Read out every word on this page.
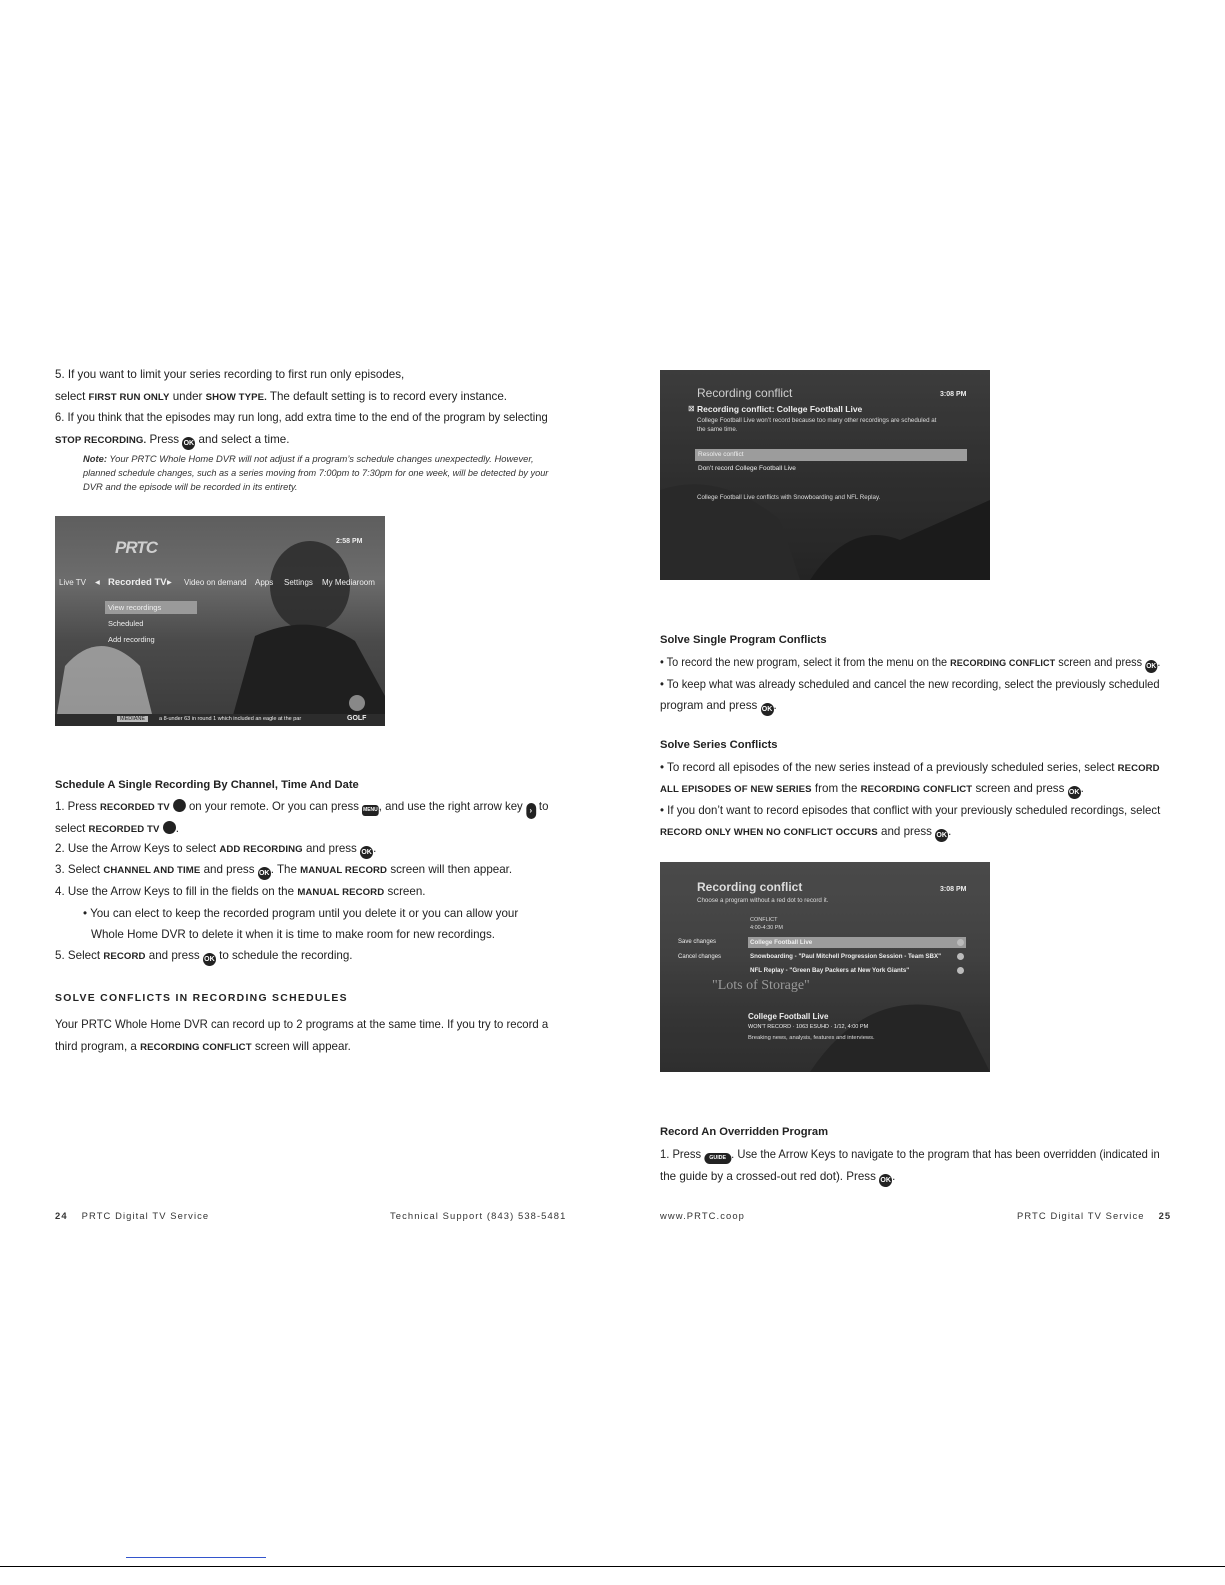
5. If you want to limit your series recording to first run only episodes,
select FIRST RUN ONLY under SHOW TYPE. The default setting is to record every instance.
6. If you think that the episodes may run long, add extra time to the end of the program by selecting
STOP RECORDING. Press OK and select a time.
Note: Your PRTC Whole Home DVR will not adjust if a program’s schedule changes unexpectedly. However,
planned schedule changes, such as a series moving from 7:00pm to 7:30pm for one week, will be detected by your
DVR and the episode will be recorded in its entirety.
PRTC	2:58 PM
Live TV ◂ Recorded TV ▸ Video on demand Apps Settings My Mediaroom
View recordings
Scheduled
Add recording
MEDIANE	a 8-under 63 in round 1 which included an eagle at the par	GOLF
Schedule A Single Recording By Channel, Time And Date
1. Press RECORDED TV  on your remote. Or you can press MENU, and use the right arrow key › to
select RECORDED TV .
2. Use the Arrow Keys to select ADD RECORDING and press OK.
3. Select CHANNEL AND TIME and press OK. The MANUAL RECORD screen will then appear.
4. Use the Arrow Keys to fill in the fields on the MANUAL RECORD screen.
• You can elect to keep the recorded program until you delete it or you can allow your
Whole Home DVR to delete it when it is time to make room for new recordings.
5. Select RECORD and press OK to schedule the recording.
SOLVE CONFLICTS IN RECORDING SCHEDULES
Your PRTC Whole Home DVR can record up to 2 programs at the same time. If you try to record a
third program, a RECORDING CONFLICT screen will appear.
24 PRTC Digital TV Service	Technical Support (843) 538-5481
Recording conflict	3:08 PM
⊠ Recording conflict: College Football Live
College Football Live won’t record because too many other recordings are scheduled at
the same time.
Resolve conflict
Don’t record College Football Live
College Football Live conflicts with Snowboarding and NFL Replay.
Solve Single Program Conflicts
• To record the new program, select it from the menu on the RECORDING CONFLICT screen and press OK.
• To keep what was already scheduled and cancel the new recording, select the previously scheduled
program and press OK.
Solve Series Conflicts
• To record all episodes of the new series instead of a previously scheduled series, select RECORD
ALL EPISODES OF NEW SERIES from the RECORDING CONFLICT screen and press OK.
• If you don’t want to record episodes that conflict with your previously scheduled recordings, select
RECORD ONLY WHEN NO CONFLICT OCCURS and press OK.
Recording conflict	3:08 PM
Choose a program without a red dot to record it.
CONFLICT
4:00-4:30 PM
Save changes
Cancel changes
College Football Live
Snowboarding - "Paul Mitchell Progression Session - Team SBX"
NFL Replay - "Green Bay Packers at New York Giants"
"Lots of Storage"
College Football Live
WON'T RECORD · 1063 ESUHD · 1/12, 4:00 PM
Breaking news, analysis, features and interviews.
Record An Overridden Program
1. Press GUIDE . Use the Arrow Keys to navigate to the program that has been overridden (indicated in
the guide by a crossed-out red dot). Press OK.
www.PRTC.coop	PRTC Digital TV Service 25
